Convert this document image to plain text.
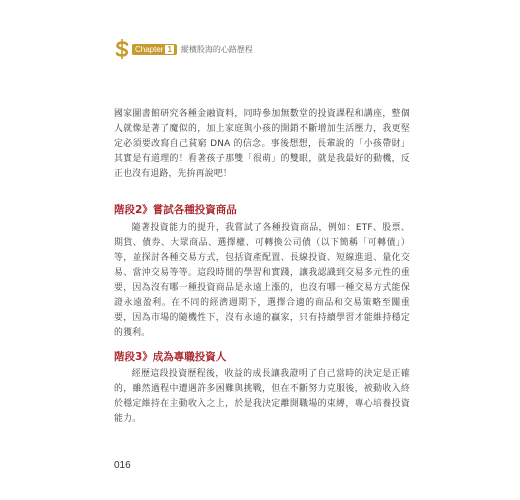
Chapter 1 縱橫股海的心路歷程

國家圖書館研究各種金融資料，同時參加無數堂的投資課程和講座，整個人就像是著了魔似的，加上家庭與小孩的開銷不斷增加生活壓力，我更堅定必須要改寫自己貧窮 DNA 的信念。事後想想，長輩說的「小孩帶財」其實是有道理的！看著孩子那雙「很萌」的雙眼，就是我最好的動機，反正也沒有退路，先拚再說吧！

階段2》嘗試各種投資商品

隨著投資能力的提升，我嘗試了各種投資商品，例如：ETF、股票、期貨、債券、大眾商品、選擇權、可轉換公司債（以下簡稱「可轉債」）等，並探討各種交易方式，包括資產配置、長線投資、短線進退、量化交易、當沖交易等等。這段時間的學習和實踐，讓我認識到交易多元性的重要，因為沒有哪一種投資商品是永遠上漲的，也沒有哪一種交易方式能保證永遠盈利。在不同的經濟週期下，選擇合適的商品和交易策略至關重要，因為市場的隨機性下，沒有永遠的贏家，只有持續學習才能維持穩定的獲利。

階段3》成為專職投資人

經歷這段投資歷程後，收益的成長讓我證明了自己當時的決定是正確的，雖然過程中遭遇許多困難與挑戰，但在不斷努力克服後，被動收入終於穩定維持在主動收入之上，於是我決定離開職場的束縛，專心培養投資能力。

016
